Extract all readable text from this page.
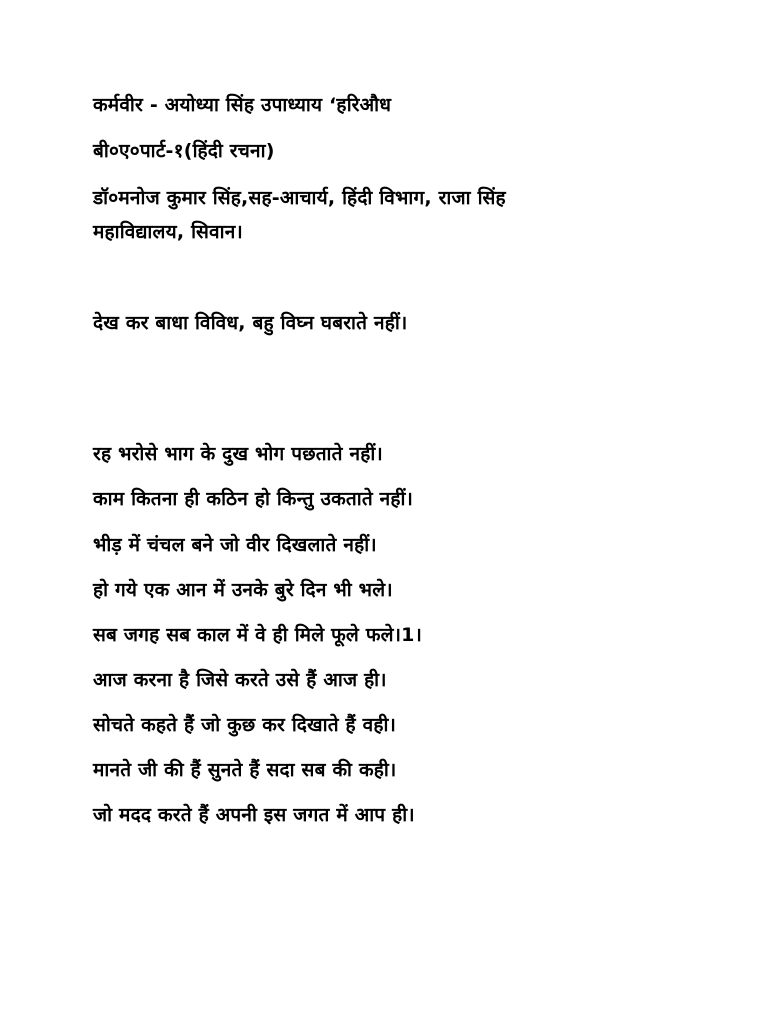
कर्मवीर - अयोध्या सिंह उपाध्याय ‘हरिऔध
बी०ए०पार्ट-१(हिंदी रचना)
डॉ०मनोज कुमार सिंह,सह-आचार्य, हिंदी विभाग, राजा सिंह महाविद्यालय, सिवान।
देख कर बाधा विविध, बहु विघ्न घबराते नहीं।
रह भरोसे भाग के दुख भोग पछताते नहीं।
काम कितना ही कठिन हो किन्तु उकताते नहीं।
भीड़ में चंचल बने जो वीर दिखलाते नहीं।
हो गये एक आन में उनके बुरे दिन भी भले।
सब जगह सब काल में वे ही मिले फूले फले।1।
आज करना है जिसे करते उसे हैं आज ही।
सोचते कहते हैं जो कुछ कर दिखाते हैं वही।
मानते जी की हैं सुनते हैं सदा सब की कही।
जो मदद करते हैं अपनी इस जगत में आप ही।
